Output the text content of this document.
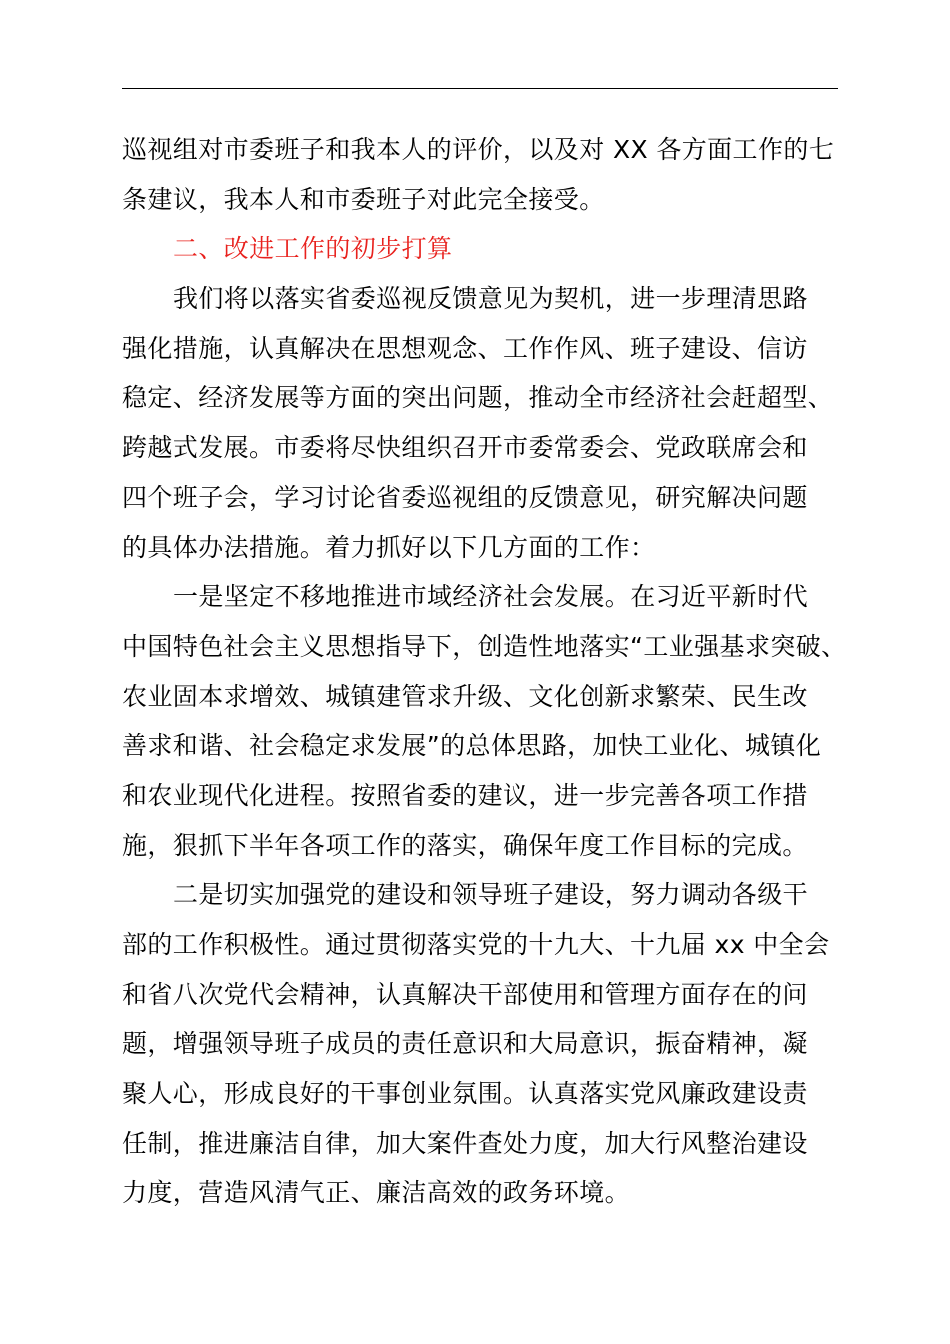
巡视组对市委班子和我本人的评价，以及对 XX 各方面工作的七
条建议，我本人和市委班子对此完全接受。
二、改进工作的初步打算
我们将以落实省委巡视反馈意见为契机，进一步理清思路
强化措施，认真解决在思想观念、工作作风、班子建设、信访
稳定、经济发展等方面的突出问题，推动全市经济社会赶超型、
跨越式发展。市委将尽快组织召开市委常委会、党政联席会和
四个班子会，学习讨论省委巡视组的反馈意见，研究解决问题
的具体办法措施。着力抓好以下几方面的工作：
一是坚定不移地推进市域经济社会发展。在习近平新时代
中国特色社会主义思想指导下，创造性地落实“工业强基求突破、
农业固本求增效、城镇建管求升级、文化创新求繁荣、民生改
善求和谐、社会稳定求发展”的总体思路，加快工业化、城镇化
和农业现代化进程。按照省委的建议，进一步完善各项工作措
施，狠抓下半年各项工作的落实，确保年度工作目标的完成。
二是切实加强党的建设和领导班子建设，努力调动各级干
部的工作积极性。通过贯彻落实党的十九大、十九届 xx 中全会
和省八次党代会精神，认真解决干部使用和管理方面存在的问
题，增强领导班子成员的责任意识和大局意识，振奋精神，凝
聚人心，形成良好的干事创业氛围。认真落实党风廉政建设责
任制，推进廉洁自律，加大案件查处力度，加大行风整治建设
力度，营造风清气正、廉洁高效的政务环境。
